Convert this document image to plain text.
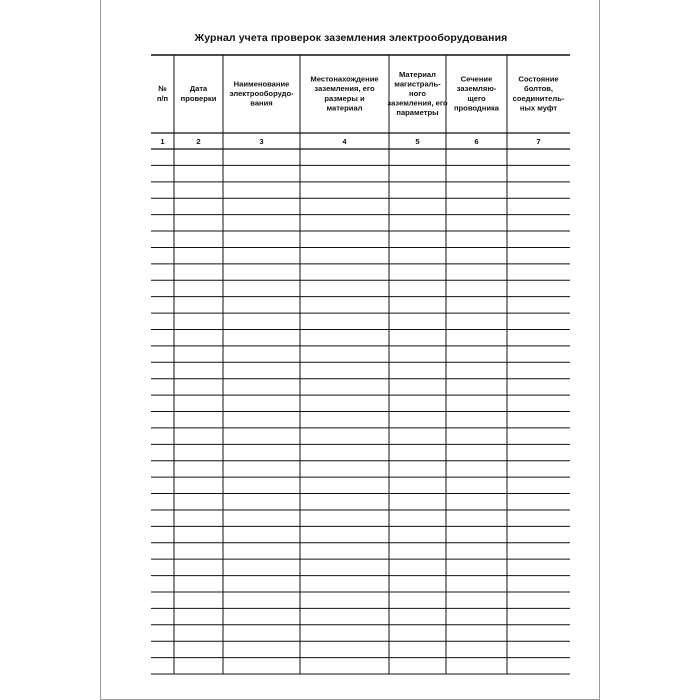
Журнал учета проверок заземления электрооборудования
№
п/п
1
Дата
проверки
2
Наименование
электрооборудо-
вания
3
Местонахождение
заземления, его
размеры и
материал
4
Материал
магистраль-
ного
заземления, его
параметры
5
Сечение
заземляю-
щего
проводника
6
Состояние
болтов,
соединитель-
ных муфт
7
